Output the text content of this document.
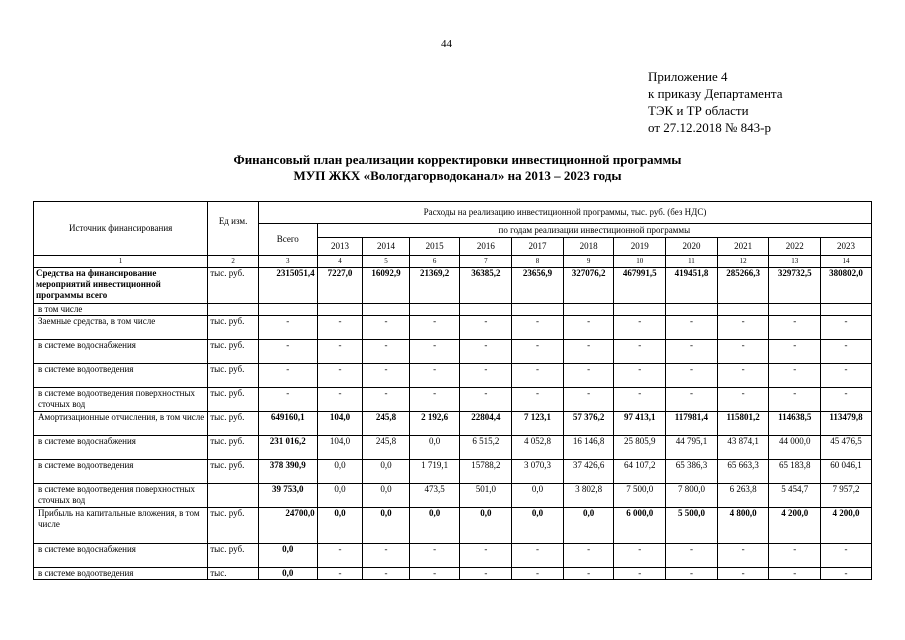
44
Приложение 4
к приказу Департамента
ТЭК и ТР области
от 27.12.2018 № 843-р
Финансовый план реализации корректировки инвестиционной программы
МУП ЖКХ «Вологдагорводоканал» на 2013 – 2023 годы
Источник финансирования	Ед изм.	Расходы на реализацию инвестиционной программы, тыс. руб. (без НДС)											
		Всего	по годам реализации инвестиционной программы										
			2013	2014	2015	2016	2017	2018	2019	2020	2021	2022	2023
1	2	3	4	5	6	7	8	9	10	11	12	13	14
Средства на финансирование мероприятий инвестиционной программы всего	тыс. руб.	2315051,4	7227,0	16092,9	21369,2	36385,2	23656,9	327076,2	467991,5	419451,8	285266,3	329732,5	380802,0
в том числе													
Заемные средства, в том числе	тыс. руб.	-	-	-	-	-	-	-	-	-	-	-	-
в системе водоснабжения	тыс. руб.	-	-	-	-	-	-	-	-	-	-	-	-
в системе водоотведения	тыс. руб.	-	-	-	-	-	-	-	-	-	-	-	-
в системе водоотведения поверхностных сточных вод	тыс. руб.	-	-	-	-	-	-	-	-	-	-	-	-
Амортизационные отчисления, в том числе	тыс. руб.	649160,1	104,0	245,8	2 192,6	22804,4	7 123,1	57 376,2	97 413,1	117981,4	115801,2	114638,5	113479,8
в системе водоснабжения	тыс. руб.	231 016,2	104,0	245,8	0,0	6 515,2	4 052,8	16 146,8	25 805,9	44 795,1	43 874,1	44 000,0	45 476,5
в системе водоотведения	тыс. руб.	378 390,9	0,0	0,0	1 719,1	15788,2	3 070,3	37 426,6	64 107,2	65 386,3	65 663,3	65 183,8	60 046,1
в системе водоотведения поверхностных сточных вод		39 753,0	0,0	0,0	473,5	501,0	0,0	3 802,8	7 500,0	7 800,0	6 263,8	5 454,7	7 957,2
Прибыль на капитальные вложения, в том числе	тыс. руб.	24700,0	0,0	0,0	0,0	0,0	0,0	0,0	6 000,0	5 500,0	4 800,0	4 200,0	4 200,0
в системе водоснабжения	тыс. руб.	0,0	-	-	-	-	-	-	-	-	-	-	-
в системе водоотведения	тыс.	0,0	-	-	-	-	-	-	-	-	-	-	-
